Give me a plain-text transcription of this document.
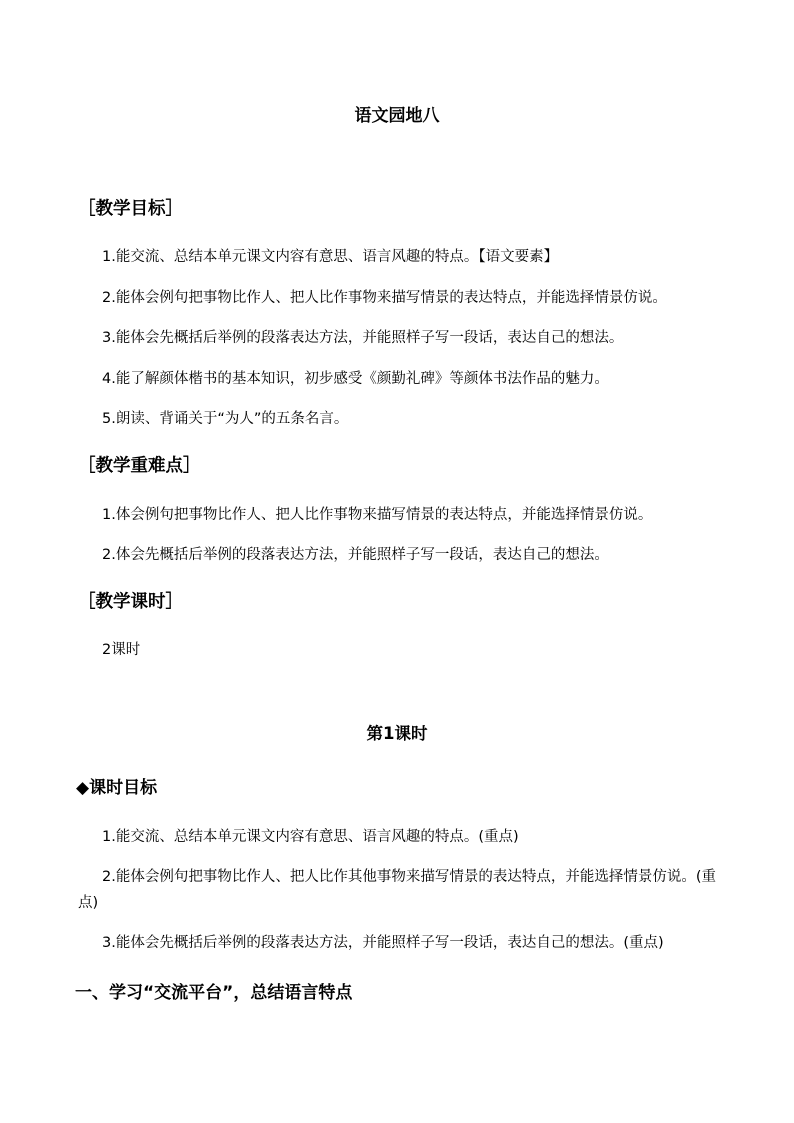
语文园地八
［教学目标］
1.能交流、总结本单元课文内容有意思、语言风趣的特点。【语文要素】
2.能体会例句把事物比作人、把人比作事物来描写情景的表达特点，并能选择情景仿说。
3.能体会先概括后举例的段落表达方法，并能照样子写一段话，表达自己的想法。
4.能了解颜体楷书的基本知识，初步感受《颜勤礼碑》等颜体书法作品的魅力。
5.朗读、背诵关于“为人”的五条名言。
［教学重难点］
1.体会例句把事物比作人、把人比作事物来描写情景的表达特点，并能选择情景仿说。
2.体会先概括后举例的段落表达方法，并能照样子写一段话，表达自己的想法。
［教学课时］
2课时
第1课时
◆课时目标
1.能交流、总结本单元课文内容有意思、语言风趣的特点。(重点)
2.能体会例句把事物比作人、把人比作其他事物来描写情景的表达特点，并能选择情景仿说。(重点)
3.能体会先概括后举例的段落表达方法，并能照样子写一段话，表达自己的想法。(重点)
一、学习“交流平台”，总结语言特点
